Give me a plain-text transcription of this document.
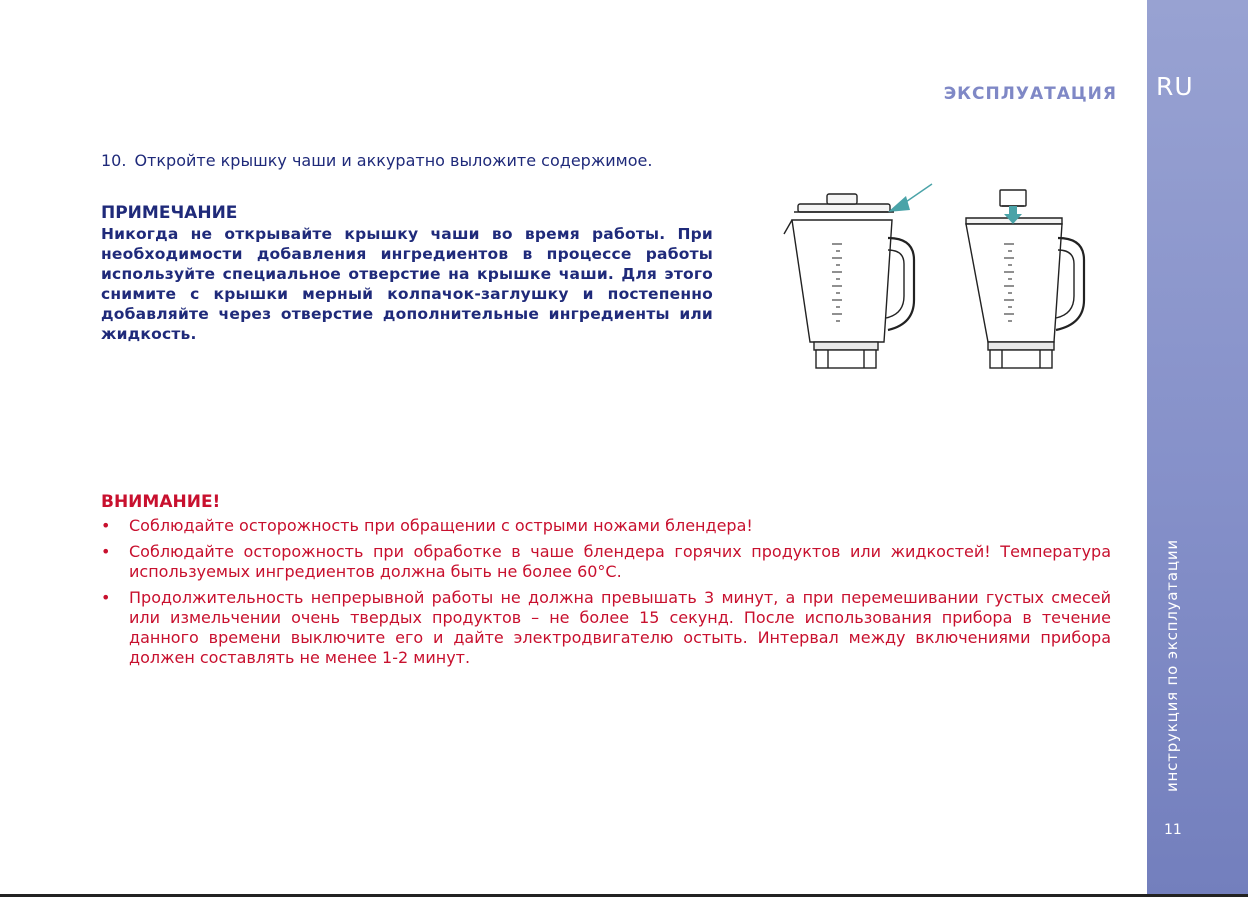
RU
инструкция по эксплуатации
11
ЭКСПЛУАТАЦИЯ
10. Откройте крышку чаши и аккуратно выложите содержимое.
ПРИМЕЧАНИЕ
Никогда не открывайте крышку чаши во время работы. При необходимости добавления ингредиентов в процессе работы используйте специальное отверстие на крышке чаши. Для этого снимите с крышки мерный колпачок-заглушку и постепенно добавляйте через отверстие дополнительные ингредиенты или жидкость.
ВНИМАНИЕ!
• Соблюдайте осторожность при обращении с острыми ножами блендера!
• Соблюдайте осторожность при обработке в чаше блендера горячих продуктов или жидкостей! Температура используемых ингредиентов должна быть не более 60°С.
• Продолжительность непрерывной работы не должна превышать 3 минут, а при перемешивании густых смесей или измельчении очень твердых продуктов – не более 15 секунд. После использования прибора в течение данного времени выключите его и дайте электродвигателю остыть. Интервал между включениями прибора должен составлять не менее 1-2 минут.
